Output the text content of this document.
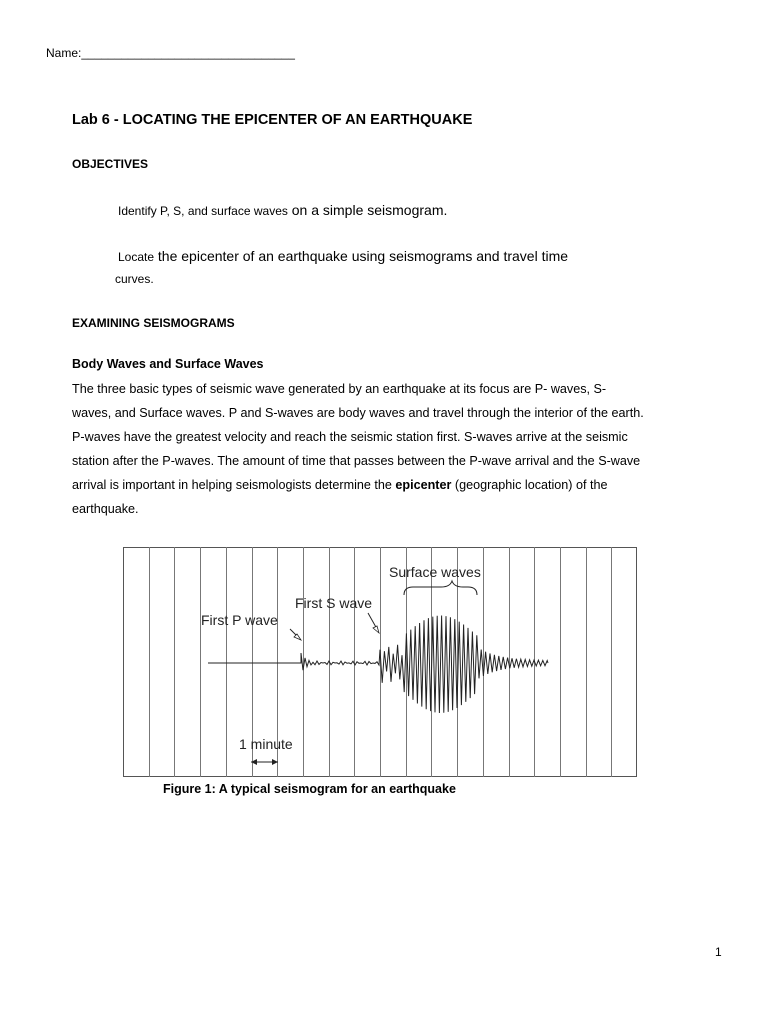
Name:________________________________
Lab 6 - LOCATING THE EPICENTER OF AN EARTHQUAKE
OBJECTIVES
Identify P, S, and surface waves on a simple seismogram.
Locate the epicenter of an earthquake using seismograms and travel time
curves.
EXAMINING SEISMOGRAMS
Body Waves and Surface Waves

The three basic types of seismic wave generated by an earthquake at its focus are P- waves, S-

waves, and Surface waves. P and S-waves are body waves and travel through the interior of the earth.

P-waves have the greatest velocity and reach the seismic station first. S-waves arrive at the seismic

station after the P-waves. The amount of time that passes between the P-wave arrival and the S-wave

arrival is important in helping seismologists determine the epicenter (geographic location) of the

earthquake.

First P wave
First S wave
Surface waves
1 minute
Figure 1: A typical seismogram for an earthquake
1
